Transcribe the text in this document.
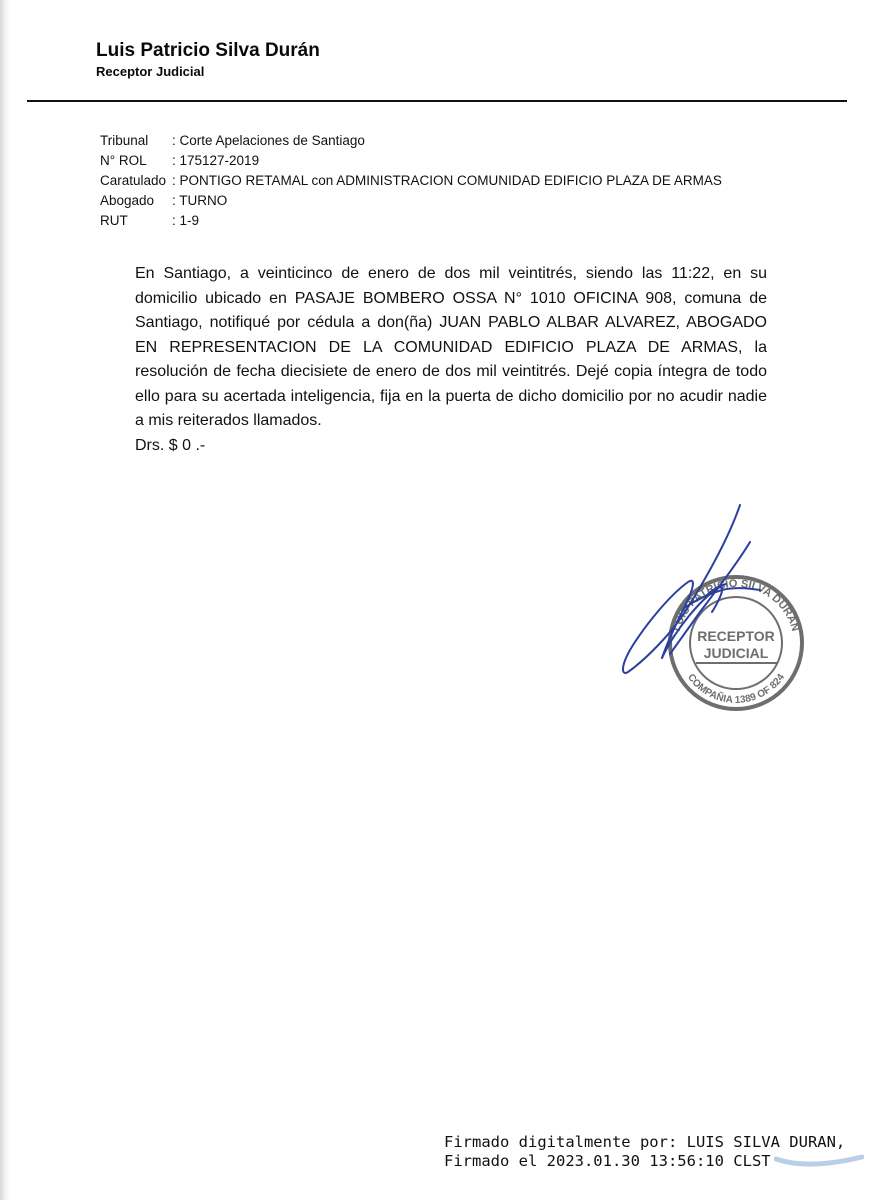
Luis Patricio Silva Durán
Receptor Judicial
Tribunal	: Corte Apelaciones de Santiago
N° ROL	: 175127-2019
Caratulado	: PONTIGO RETAMAL con ADMINISTRACION COMUNIDAD EDIFICIO PLAZA DE ARMAS
Abogado	: TURNO
RUT	: 1-9

En Santiago, a veinticinco de enero de dos mil veintitrés, siendo las 11:22, en su domicilio ubicado en PASAJE BOMBERO OSSA N° 1010 OFICINA 908, comuna de Santiago, notifiqué por cédula a don(ña) JUAN PABLO ALBAR ALVAREZ, ABOGADO EN REPRESENTACION DE LA COMUNIDAD EDIFICIO PLAZA DE ARMAS, la resolución de fecha diecisiete de enero de dos mil veintitrés. Dejé copia íntegra de todo ello para su acertada inteligencia, fija en la puerta de dicho domicilio por no acudir nadie a mis reiterados llamados.

Drs. $ 0 .-
LUIS PATRICIO SILVA DURAN
COMPAÑIA 1389 OF 824
RECEPTOR
JUDICIAL
Firmado digitalmente por: LUIS SILVA DURAN,
Firmado el 2023.01.30 13:56:10 CLST
